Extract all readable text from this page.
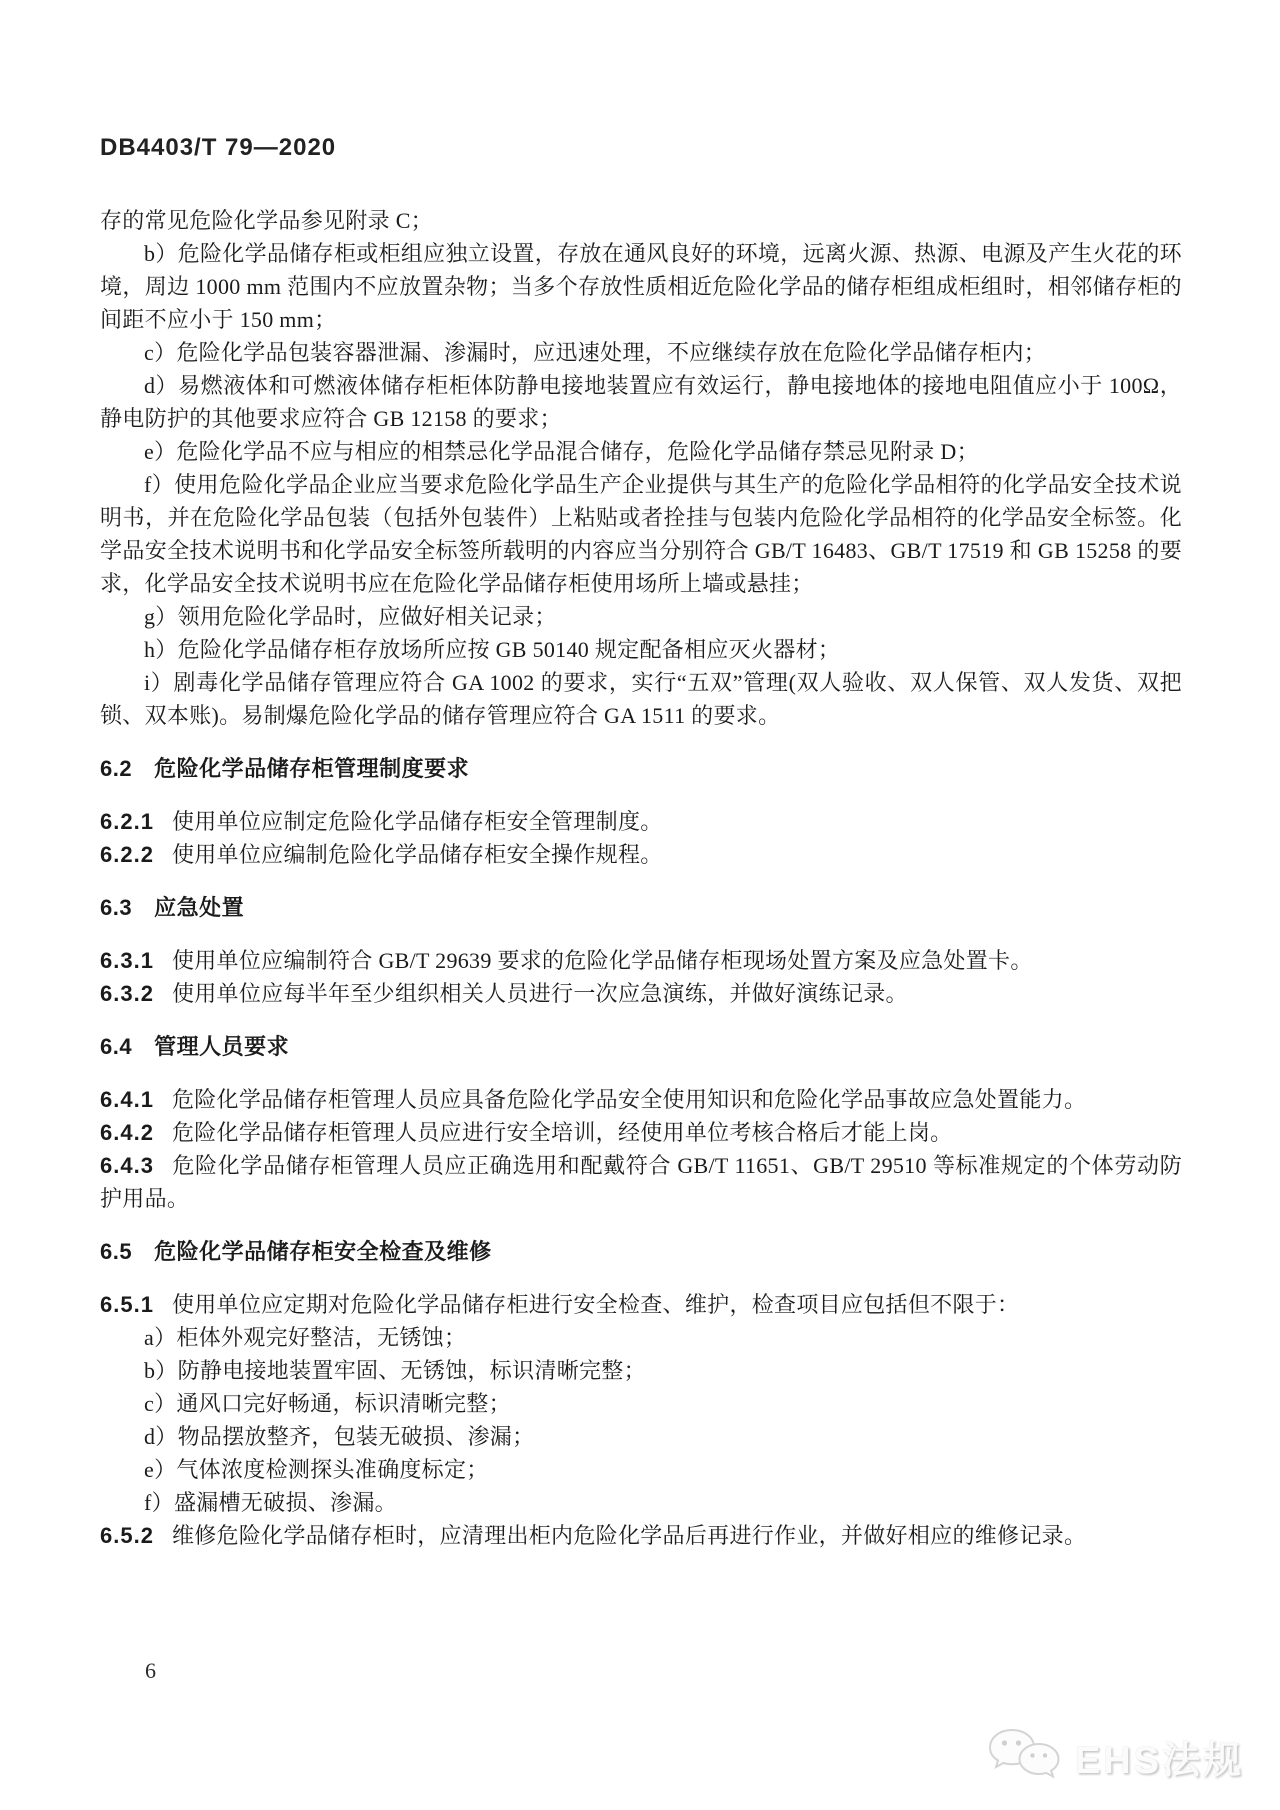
DB4403/T 79—2020

存的常见危险化学品参见附录 C；

b）危险化学品储存柜或柜组应独立设置，存放在通风良好的环境，远离火源、热源、电源及产生火花的环境，周边 1000 mm 范围内不应放置杂物；当多个存放性质相近危险化学品的储存柜组成柜组时，相邻储存柜的间距不应小于 150 mm；

c）危险化学品包装容器泄漏、渗漏时，应迅速处理，不应继续存放在危险化学品储存柜内；

d）易燃液体和可燃液体储存柜柜体防静电接地装置应有效运行，静电接地体的接地电阻值应小于 100Ω，静电防护的其他要求应符合 GB 12158 的要求；

e）危险化学品不应与相应的相禁忌化学品混合储存，危险化学品储存禁忌见附录 D；

f）使用危险化学品企业应当要求危险化学品生产企业提供与其生产的危险化学品相符的化学品安全技术说明书，并在危险化学品包装（包括外包装件）上粘贴或者拴挂与包装内危险化学品相符的化学品安全标签。化学品安全技术说明书和化学品安全标签所载明的内容应当分别符合 GB/T 16483、GB/T 17519 和 GB 15258 的要求，化学品安全技术说明书应在危险化学品储存柜使用场所上墙或悬挂；

g）领用危险化学品时，应做好相关记录；

h）危险化学品储存柜存放场所应按 GB 50140 规定配备相应灭火器材；

i）剧毒化学品储存管理应符合 GA 1002 的要求，实行“五双”管理(双人验收、双人保管、双人发货、双把锁、双本账)。易制爆危险化学品的储存管理应符合 GA 1511 的要求。

6.2 危险化学品储存柜管理制度要求

6.2.1 使用单位应制定危险化学品储存柜安全管理制度。

6.2.2 使用单位应编制危险化学品储存柜安全操作规程。

6.3 应急处置

6.3.1 使用单位应编制符合 GB/T 29639 要求的危险化学品储存柜现场处置方案及应急处置卡。

6.3.2 使用单位应每半年至少组织相关人员进行一次应急演练，并做好演练记录。

6.4 管理人员要求

6.4.1 危险化学品储存柜管理人员应具备危险化学品安全使用知识和危险化学品事故应急处置能力。

6.4.2 危险化学品储存柜管理人员应进行安全培训，经使用单位考核合格后才能上岗。

6.4.3 危险化学品储存柜管理人员应正确选用和配戴符合 GB/T 11651、GB/T 29510 等标准规定的个体劳动防护用品。

6.5 危险化学品储存柜安全检查及维修

6.5.1 使用单位应定期对危险化学品储存柜进行安全检查、维护，检查项目应包括但不限于：

a）柜体外观完好整洁，无锈蚀；

b）防静电接地装置牢固、无锈蚀，标识清晰完整；

c）通风口完好畅通，标识清晰完整；

d）物品摆放整齐，包装无破损、渗漏；

e）气体浓度检测探头准确度标定；

f）盛漏槽无破损、渗漏。

6.5.2 维修危险化学品储存柜时，应清理出柜内危险化学品后再进行作业，并做好相应的维修记录。

6
EHS法规
